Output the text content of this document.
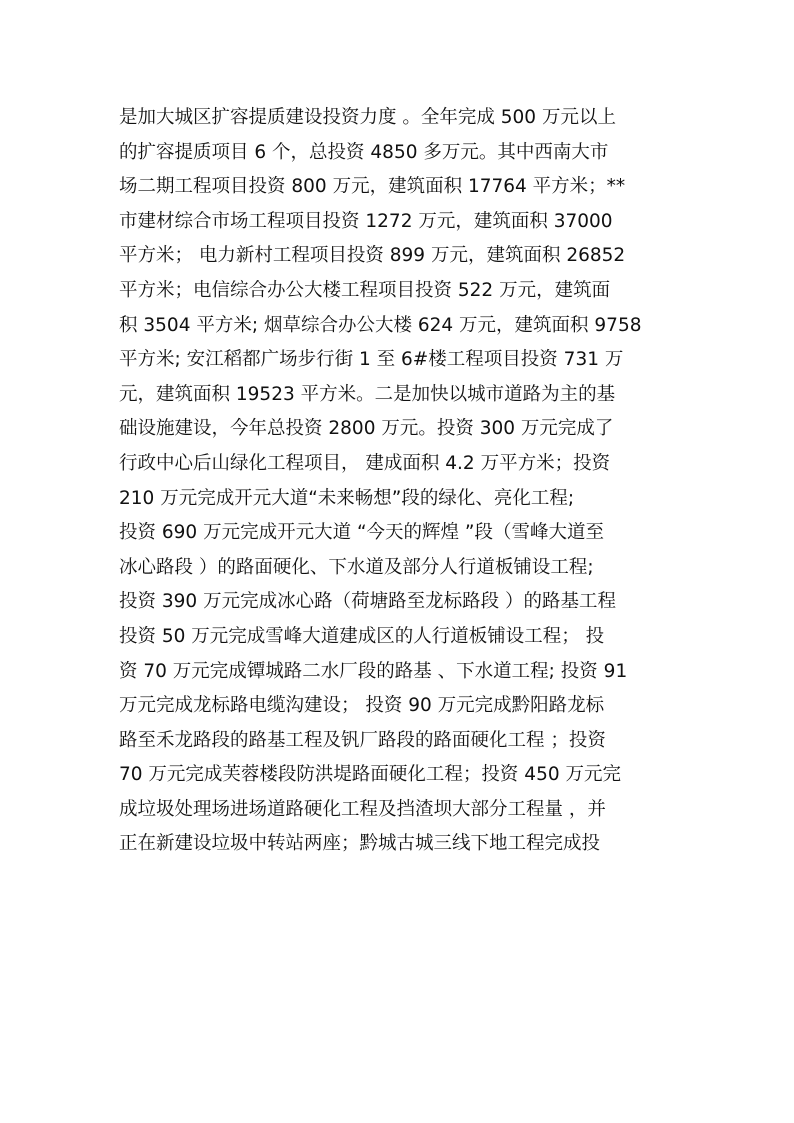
是加大城区扩容提质建设投资力度 。全年完成 500 万元以上
的扩容提质项目 6 个，总投资 4850 多万元。其中西南大市
场二期工程项目投资 800 万元，建筑面积 17764 平方米；**
市建材综合市场工程项目投资 1272 万元，建筑面积 37000
平方米； 电力新村工程项目投资 899 万元，建筑面积 26852
平方米；电信综合办公大楼工程项目投资 522 万元，建筑面
积 3504 平方米; 烟草综合办公大楼 624 万元，建筑面积 9758
平方米; 安江稻都广场步行街 1 至 6#楼工程项目投资 731 万
元，建筑面积 19523 平方米。二是加快以城市道路为主的基
础设施建设，今年总投资 2800 万元。投资 300 万元完成了
行政中心后山绿化工程项目， 建成面积 4.2 万平方米；投资
210 万元完成开元大道“未来畅想”段的绿化、亮化工程;
投资 690 万元完成开元大道 “今天的辉煌 ”段（雪峰大道至
冰心路段 ）的路面硬化、下水道及部分人行道板铺设工程;
投资 390 万元完成冰心路（荷塘路至龙标路段 ）的路基工程
投资 50 万元完成雪峰大道建成区的人行道板铺设工程； 投
资 70 万元完成镡城路二水厂段的路基 、下水道工程; 投资 91
万元完成龙标路电缆沟建设； 投资 90 万元完成黔阳路龙标
路至禾龙路段的路基工程及钒厂路段的路面硬化工程 ；投资
70 万元完成芙蓉楼段防洪堤路面硬化工程；投资 450 万元完
成垃圾处理场进场道路硬化工程及挡渣坝大部分工程量 ，并
正在新建设垃圾中转站两座；黔城古城三线下地工程完成投
